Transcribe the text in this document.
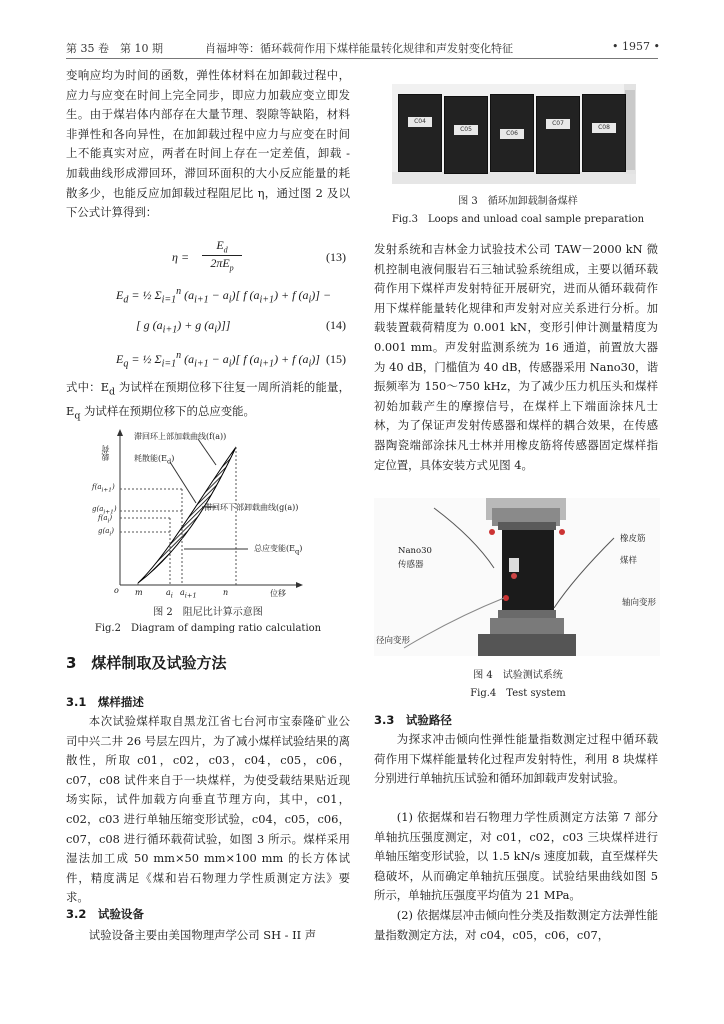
第 35 卷　第 10 期	肖福坤等：循环载荷作用下煤样能量转化规律和声发射变化特征	• 1957 •
变响应均为时间的函数，弹性体材料在加卸载过程中，应力与应变在时间上完全同步，即应力加载应变立即发生。由于煤岩体内部存在大量节理、裂隙等缺陷，材料非弹性和各向异性，在加卸载过程中应力与应变在时间上不能真实对应，两者在时间上存在一定差值，卸载 - 加载曲线形成滞回环，滞回环面积的大小反应能量的耗散多少，也能反应加卸载过程阻尼比 η，通过图 2 及以下公式计算得到：
η =
$E_d$
$2\pi E_p$
(13)
$E_d$ = ½ $\Sigma_{i=1}^n$ $(a_{i+1} - a_i)$[ f $(a_{i+1}) + f$ $(a_i)$] −
[ g $(a_{i+1}) + g$ $(a_i)$]]	(14)
$E_q$ = ½ $\Sigma_{i=1}^n$ $(a_{i+1} - a_i)$[ f $(a_{i+1}) + f$ $(a_i)$] (15)
式中：$E_d$ 为试样在预期位移下往复一周所消耗的能量，$E_q$ 为试样在预期位移下的总应变能。
滞回环上部加载曲线(f(a))
耗散能$(E_d)$
载荷
滞回环下部卸载曲线(g(a))
总应变能$(E_q)$
$f(a_{i+1})$
$g(a_{i+1})$
$f(a_i)$
$g(a_i)$
o m	$a_i$ $a_{i+1}$	n	位移
图 2　阻尼比计算示意图
Fig.2　Diagram of damping ratio calculation
3　煤样制取及试验方法
3.1　煤样描述
本次试验煤样取自黑龙江省七台河市宝泰隆矿业公司中兴二井 26 号层左四片，为了减小煤样试验结果的离散性，所取 c01，c02，c03，c04，c05，c06，c07，c08 试件来自于一块煤样，为使受载结果贴近现场实际，试件加载方向垂直节理方向，其中，c01，c02，c03 进行单轴压缩变形试验，c04，c05，c06，c07，c08 进行循环载荷试验，如图 3 所示。煤样采用湿法加工成 50 mm×50 mm×100 mm 的长方体试件，精度满足《煤和岩石物理力学性质测定方法》要求。
3.2　试验设备
试验设备主要由美国物理声学公司 SH - II 声
C04
C05
C06
C07
C08
图 3　循环加卸载制备煤样
Fig.3　Loops and unload coal sample preparation
发射系统和吉林金力试验技术公司 TAW－2000 kN 微机控制电液伺服岩石三轴试验系统组成，主要以循环载荷作用下煤样声发射特征开展研究，进而从循环载荷作用下煤样能量转化规律和声发射对应关系进行分析。加载装置载荷精度为 0.001 kN，变形引伸计测量精度为 0.001 mm。声发射监测系统为 16 通道，前置放大器为 40 dB，门槛值为 40 dB，传感器采用 Nano30，谐振频率为 150～750 kHz，为了减少压力机压头和煤样初始加载产生的摩擦信号，在煤样上下端面涂抹凡士林，为了保证声发射传感器和煤样的耦合效果，在传感器陶瓷端部涂抹凡士林并用橡皮筋将传感器固定煤样指定位置，具体安装方式见图 4。
橡皮筋
Nano30
传感器	煤样
轴向变形
径向变形
图 4　试验测试系统
Fig.4　Test system
3.3　试验路径
为探求冲击倾向性弹性能量指数测定过程中循环载荷作用下煤样能量转化过程声发射特性，利用 8 块煤样分别进行单轴抗压试验和循环加卸载声发射试验。
(1) 依据煤和岩石物理力学性质测定方法第 7 部分单轴抗压强度测定，对 c01，c02，c03 三块煤样进行单轴压缩变形试验，以 1.5 kN/s 速度加载，直至煤样失稳破坏，从而确定单轴抗压强度。试验结果曲线如图 5 所示，单轴抗压强度平均值为 21 MPa。
(2) 依据煤层冲击倾向性分类及指数测定方法弹性能量指数测定方法，对 c04，c05，c06，c07，
